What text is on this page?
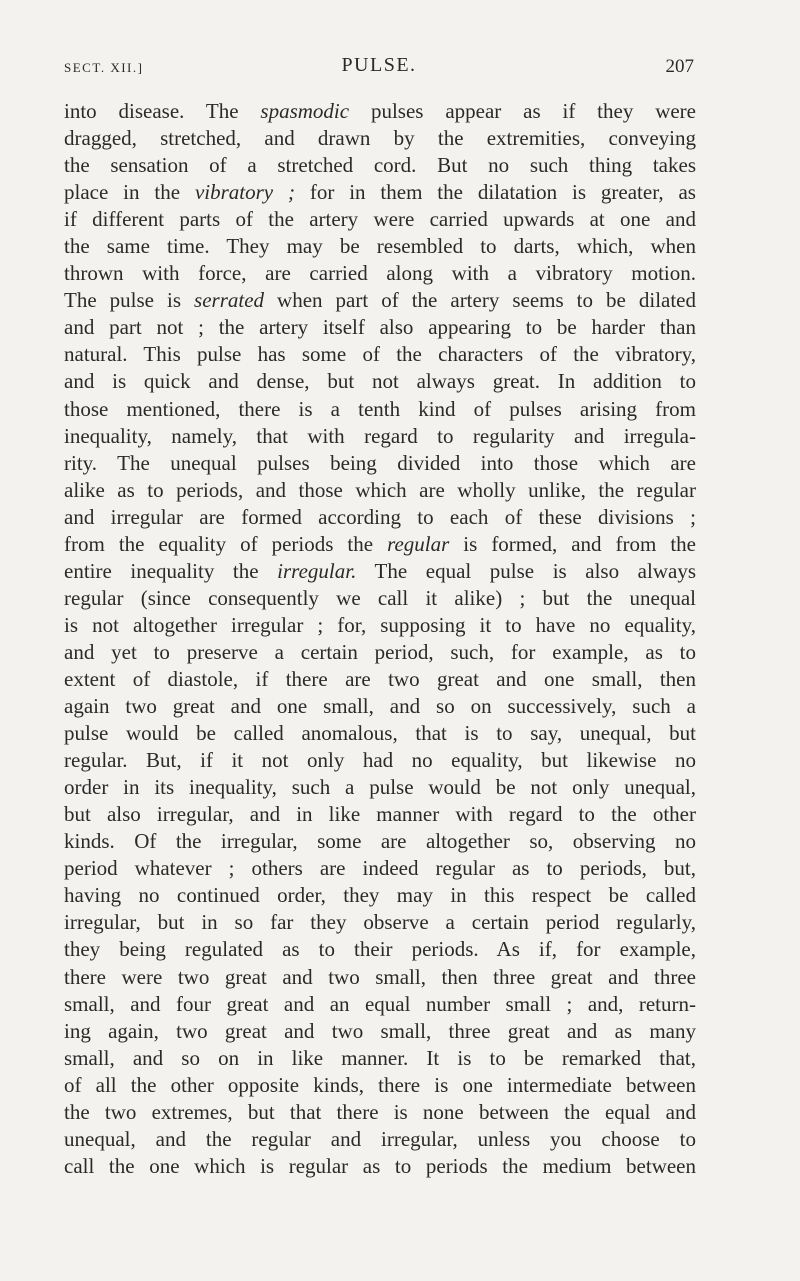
SECT. XII.]	PULSE.	207
into disease. The spasmodic pulses appear as if they were
dragged, stretched, and drawn by the extremities, conveying
the sensation of a stretched cord. But no such thing takes
place in the vibratory ; for in them the dilatation is greater, as
if different parts of the artery were carried upwards at one and
the same time. They may be resembled to darts, which, when
thrown with force, are carried along with a vibratory motion.
The pulse is serrated when part of the artery seems to be dilated
and part not ; the artery itself also appearing to be harder than
natural. This pulse has some of the characters of the vibratory,
and is quick and dense, but not always great. In addition to
those mentioned, there is a tenth kind of pulses arising from
inequality, namely, that with regard to regularity and irregula-
rity. The unequal pulses being divided into those which are
alike as to periods, and those which are wholly unlike, the regular
and irregular are formed according to each of these divisions ;
from the equality of periods the regular is formed, and from the
entire inequality the irregular. The equal pulse is also always
regular (since consequently we call it alike) ; but the unequal
is not altogether irregular ; for, supposing it to have no equality,
and yet to preserve a certain period, such, for example, as to
extent of diastole, if there are two great and one small, then
again two great and one small, and so on successively, such a
pulse would be called anomalous, that is to say, unequal, but
regular. But, if it not only had no equality, but likewise no
order in its inequality, such a pulse would be not only unequal,
but also irregular, and in like manner with regard to the other
kinds. Of the irregular, some are altogether so, observing no
period whatever ; others are indeed regular as to periods, but,
having no continued order, they may in this respect be called
irregular, but in so far they observe a certain period regularly,
they being regulated as to their periods. As if, for example,
there were two great and two small, then three great and three
small, and four great and an equal number small ; and, return-
ing again, two great and two small, three great and as many
small, and so on in like manner. It is to be remarked that,
of all the other opposite kinds, there is one intermediate between
the two extremes, but that there is none between the equal and
unequal, and the regular and irregular, unless you choose to
call the one which is regular as to periods the medium between
